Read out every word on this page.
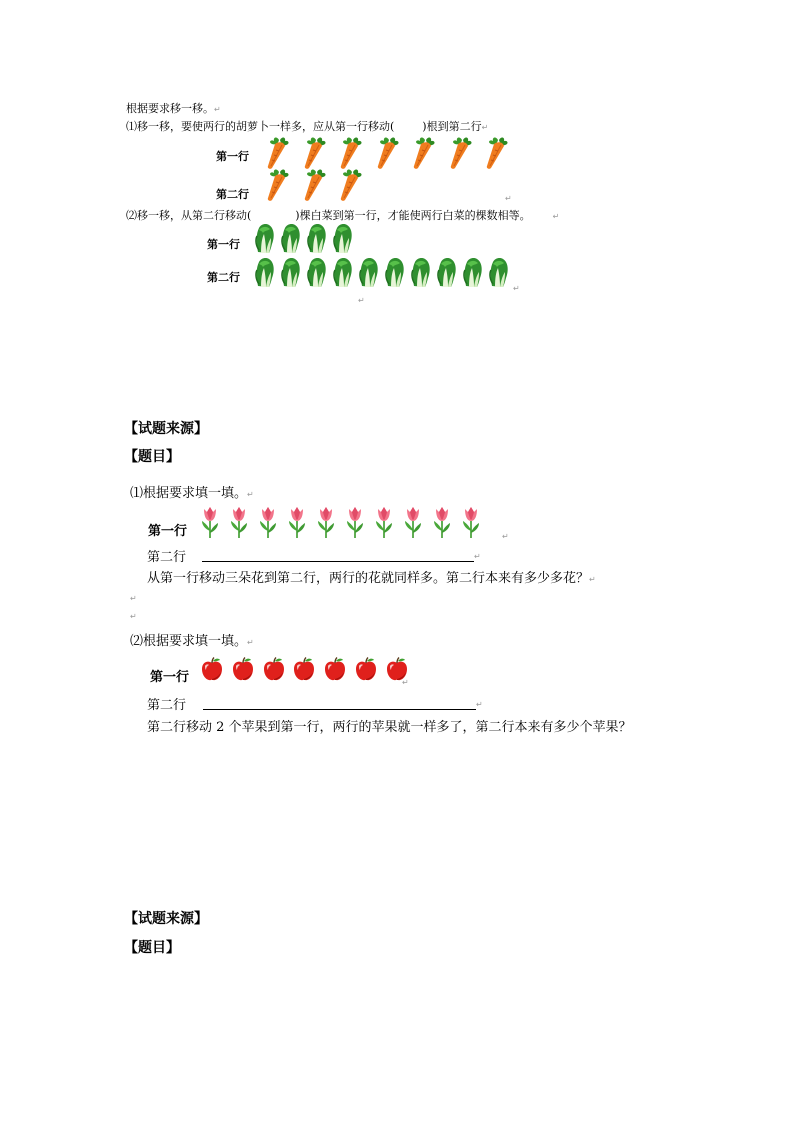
根据要求移一移。↵
⑴移一移，要使两行的胡萝卜一样多，应从第一行移动(	)根到第二行↵
第一行
第二行	↵
⑵移一移，从第二行移动(	)棵白菜到第一行，才能使两行白菜的棵数相等。	↵
第一行
第二行
↵
↵
【试题来源】
【题目】
⑴根据要求填一填。↵
第一行	↵
第二行	↵
从第一行移动三朵花到第二行，两行的花就同样多。第二行本来有多少多花？↵
↵
↵
⑵根据要求填一填。↵
第一行	↵
第二行	↵
第二行移动 2 个苹果到第一行，两行的苹果就一样多了，第二行本来有多少个苹果？
【试题来源】
【题目】
